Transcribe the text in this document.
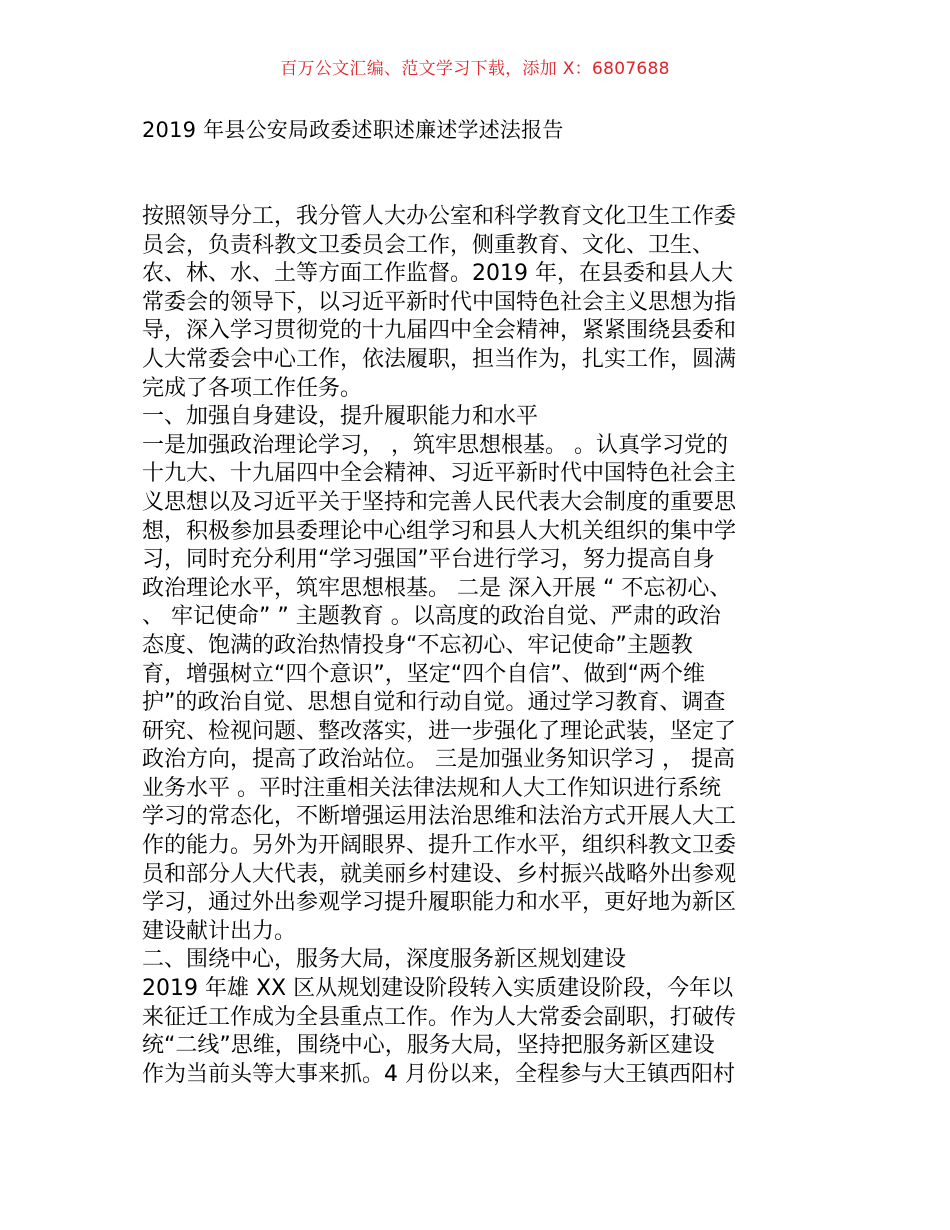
百万公文汇编、范文学习下载，添加 X：6807688
2019 年县公安局政委述职述廉述学述法报告
按照领导分工，我分管人大办公室和科学教育文化卫生工作委
员会，负责科教文卫委员会工作，侧重教育、文化、卫生、
农、林、水、土等方面工作监督。2019 年，在县委和县人大
常委会的领导下，以习近平新时代中国特色社会主义思想为指
导，深入学习贯彻党的十九届四中全会精神，紧紧围绕县委和
人大常委会中心工作，依法履职，担当作为，扎实工作，圆满
完成了各项工作任务。
一、加强自身建设，提升履职能力和水平
一是加强政治理论学习， ，筑牢思想根基。 。认真学习党的
十九大、十九届四中全会精神、习近平新时代中国特色社会主
义思想以及习近平关于坚持和完善人民代表大会制度的重要思
想，积极参加县委理论中心组学习和县人大机关组织的集中学
习，同时充分利用“学习强国”平台进行学习，努力提高自身
政治理论水平，筑牢思想根基。 二是 深入开展 “ 不忘初心、
、 牢记使命” ” 主题教育 。以高度的政治自觉、严肃的政治
态度、饱满的政治热情投身“不忘初心、牢记使命”主题教
育，增强树立“四个意识”，坚定“四个自信”、做到“两个维
护”的政治自觉、思想自觉和行动自觉。通过学习教育、调查
研究、检视问题、整改落实，进一步强化了理论武装，坚定了
政治方向，提高了政治站位。 三是加强业务知识学习 ， 提高
业务水平 。平时注重相关法律法规和人大工作知识进行系统
学习的常态化，不断增强运用法治思维和法治方式开展人大工
作的能力。另外为开阔眼界、提升工作水平，组织科教文卫委
员和部分人大代表，就美丽乡村建设、乡村振兴战略外出参观
学习，通过外出参观学习提升履职能力和水平，更好地为新区
建设献计出力。
二、围绕中心，服务大局，深度服务新区规划建设
2019 年雄 XX 区从规划建设阶段转入实质建设阶段，今年以
来征迁工作成为全县重点工作。作为人大常委会副职，打破传
统“二线”思维，围绕中心，服务大局，坚持把服务新区建设
作为当前头等大事来抓。4 月份以来，全程参与大王镇西阳村
